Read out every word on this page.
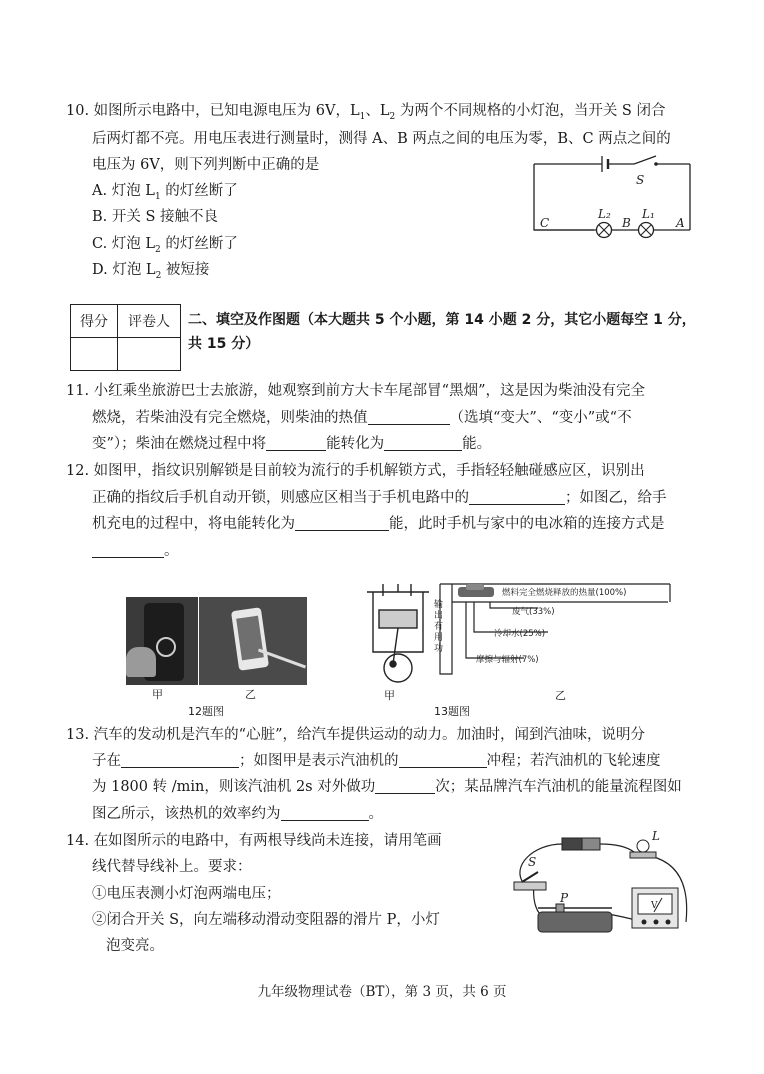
10. 如图所示电路中，已知电源电压为 6V，$L_1$、$L_2$ 为两个不同规格的小灯泡，当开关 S 闭合
后两灯都不亮。用电压表进行测量时，测得 A、B 两点之间的电压为零，B、C 两点之间的
电压为 6V，则下列判断中正确的是
A. 灯泡 $L_1$ 的灯丝断了
B. 开关 S 接触不良
C. 灯泡 $L_2$ 的灯丝断了
D. 灯泡 $L_2$ 被短接
S
C
L₂
B
L₁
A
得分	评卷人
	二、填空及作图题（本大题共 5 个小题，第 14 小题 2 分，其它小题每空 1 分，
共 15 分）
11. 小红乘坐旅游巴士去旅游，她观察到前方大卡车尾部冒“黑烟”，这是因为柴油没有完全
燃烧，若柴油没有完全燃烧，则柴油的热值	（选填“变大”、“变小”或“不
变”）；柴油在燃烧过程中将	能转化为	能。
12. 如图甲，指纹识别解锁是目前较为流行的手机解锁方式，手指轻轻触碰感应区，识别出
正确的指纹后手机自动开锁，则感应区相当于手机电路中的	；如图乙，给手
机充电的过程中，将电能转化为	能，此时手机与家中的电冰箱的连接方式是
。
甲	乙
12题图
甲
燃料完全燃烧释放的热量(100%)
废气(33%)
冷却水(25%)
摩擦与辐射(7%)
输出有用功
13题图
乙
13. 汽车的发动机是汽车的“心脏”，给汽车提供运动的动力。加油时，闻到汽油味，说明分
子在	；如图甲是表示汽油机的	冲程；若汽油机的飞轮速度
为 1800 转 /min，则该汽油机 2s 对外做功	次；某品牌汽车汽油机的能量流程图如
图乙所示，该热机的效率约为	。
14. 在如图所示的电路中，有两根导线尚未连接，请用笔画
线代替导线补上。要求：
①电压表测小灯泡两端电压；
②闭合开关 S，向左端移动滑动变阻器的滑片 P，小灯
泡变亮。
S
L
P
V
九年级物理试卷（BT），第 3 页，共 6 页
